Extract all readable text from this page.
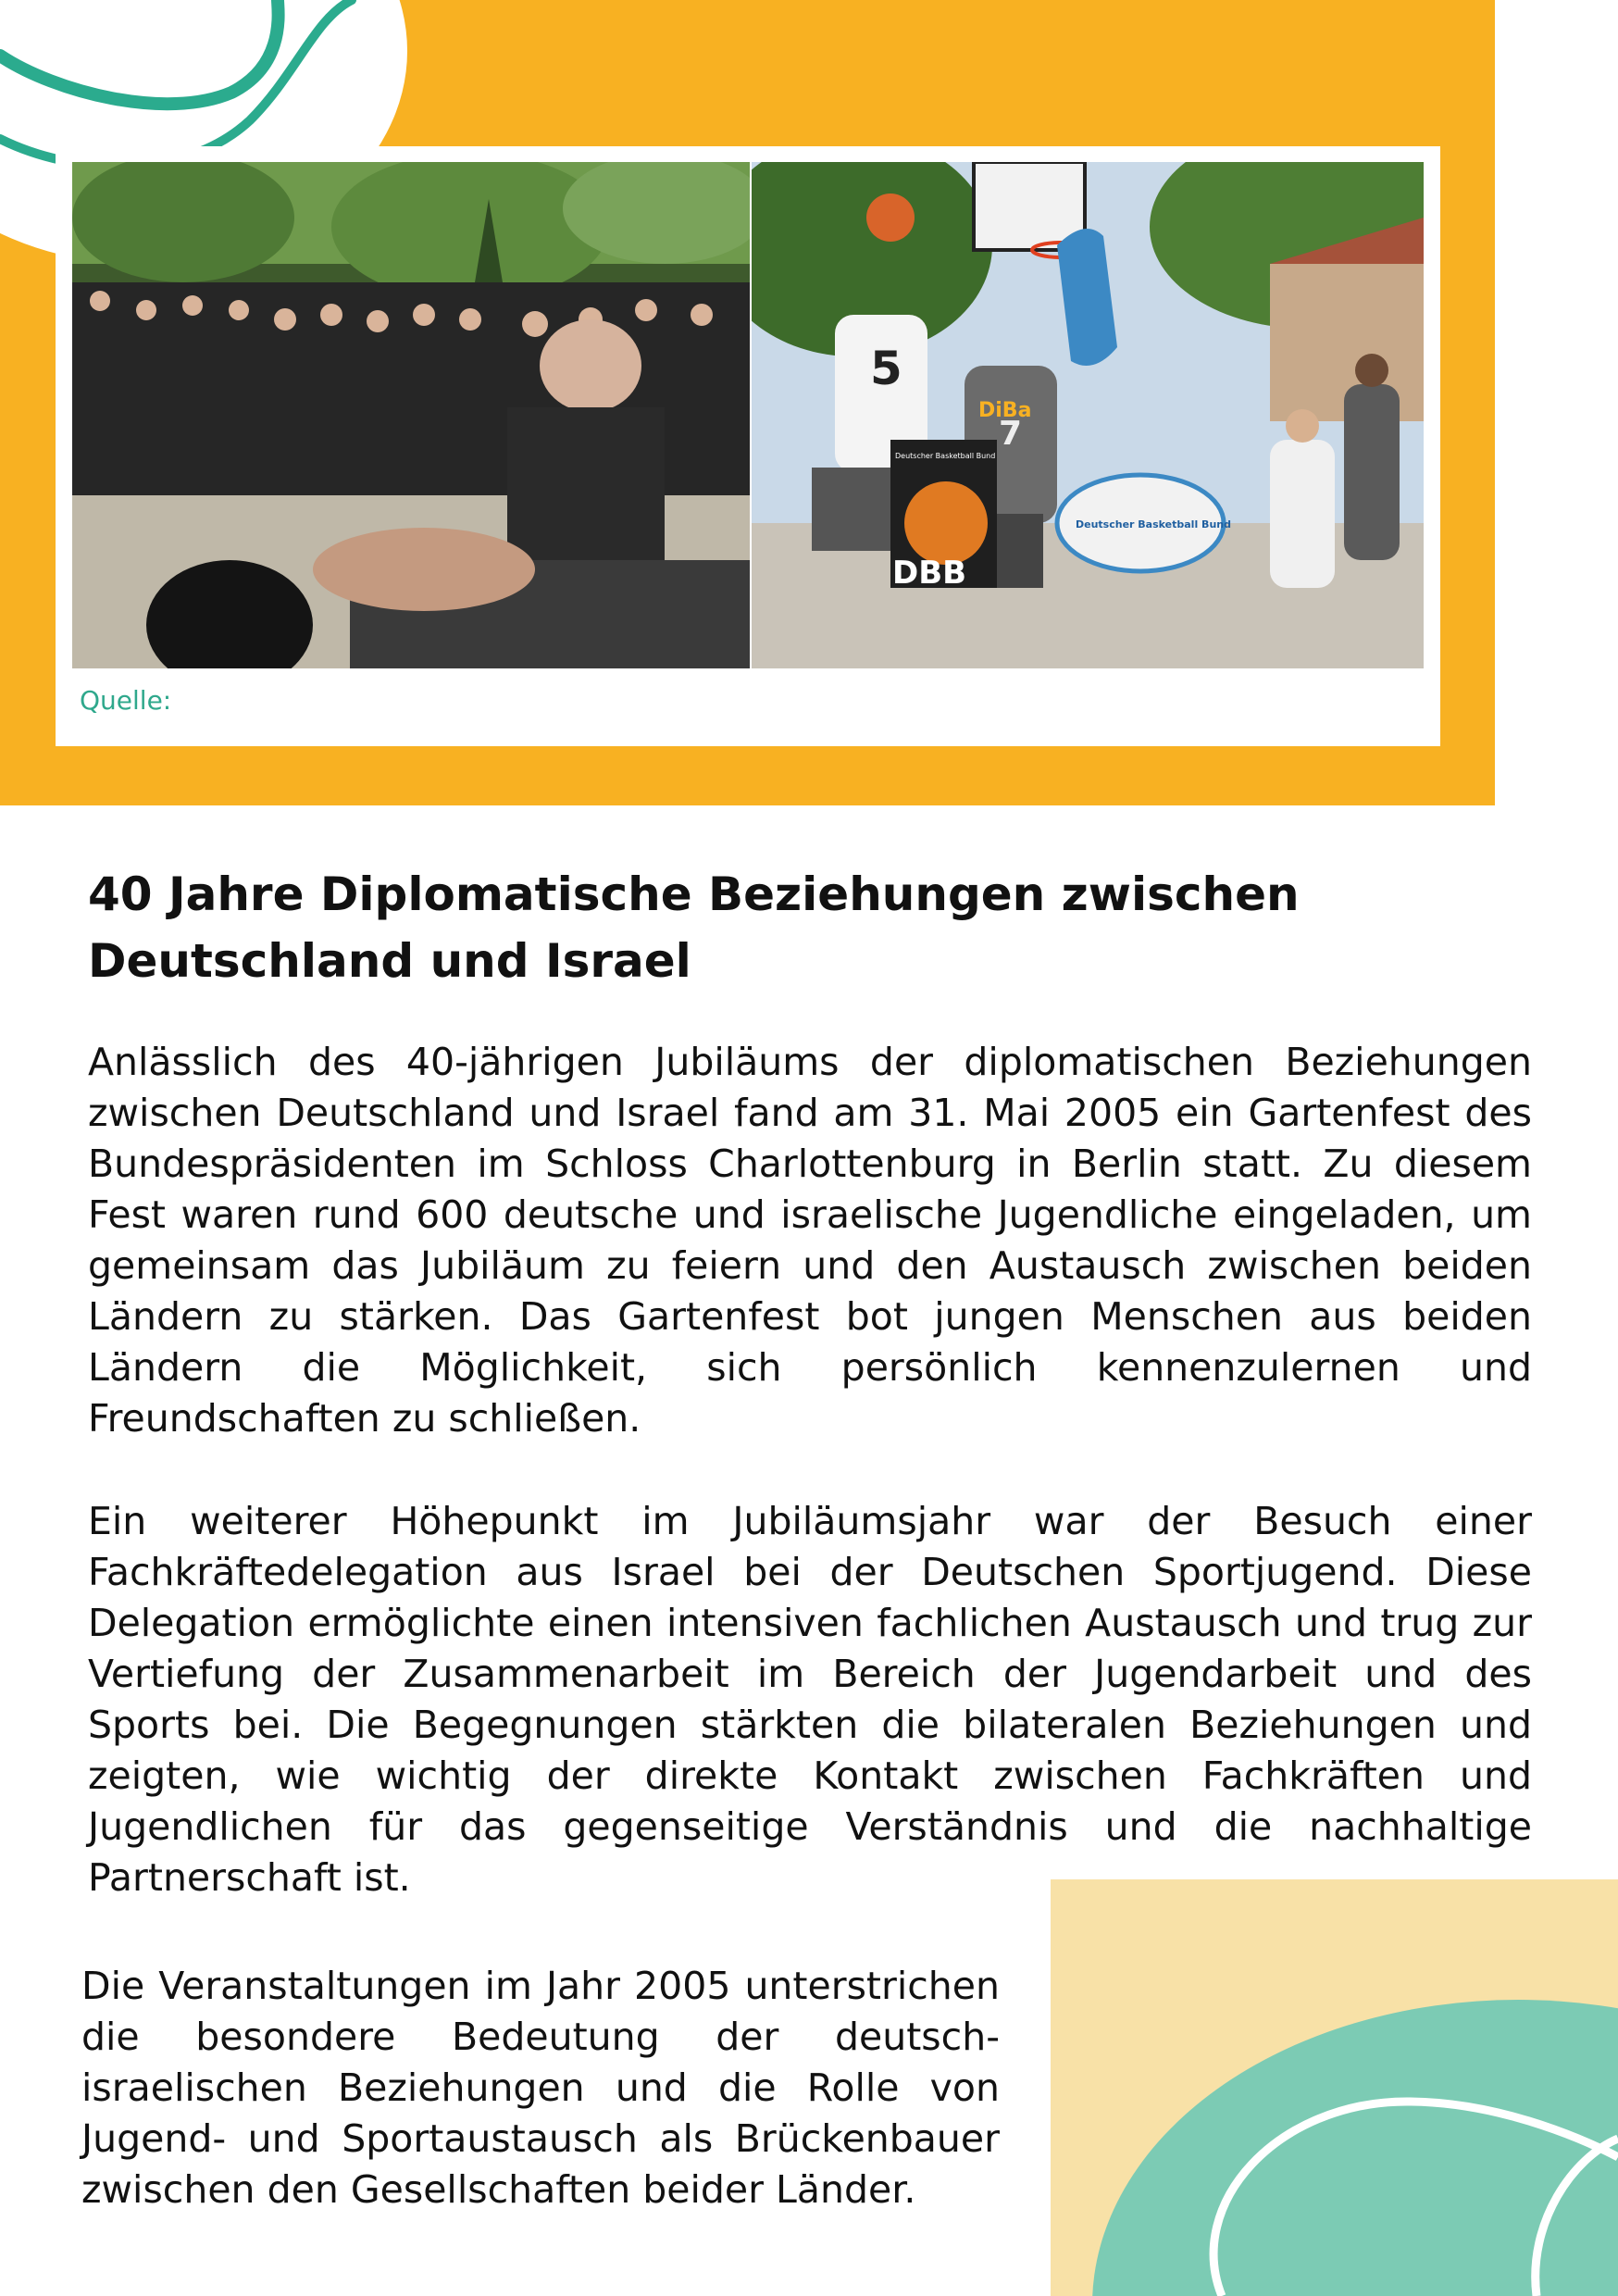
5
7
DiBa
DBB
Deutscher Basketball Bund
Deutscher Basketball Bund
Quelle:
40 Jahre Diplomatische Beziehungen zwischen Deutschland und Israel

Anlässlich des 40-jährigen Jubiläums der diplomatischen Beziehungen zwischen Deutschland und Israel fand am 31. Mai 2005 ein Gartenfest des Bundespräsidenten im Schloss Charlottenburg in Berlin statt. Zu diesem Fest waren rund 600 deutsche und israelische Jugendliche eingeladen, um gemeinsam das Jubiläum zu feiern und den Austausch zwischen beiden Ländern zu stärken. Das Gartenfest bot jungen Menschen aus beiden Ländern die Möglichkeit, sich persönlich kennenzulernen und Freundschaften zu schließen.

Ein weiterer Höhepunkt im Jubiläumsjahr war der Besuch einer Fachkräftedelegation aus Israel bei der Deutschen Sportjugend. Diese Delegation ermöglichte einen intensiven fachlichen Austausch und trug zur Vertiefung der Zusammenarbeit im Bereich der Jugendarbeit und des Sports bei. Die Begegnungen stärkten die bilateralen Beziehungen und zeigten, wie wichtig der direkte Kontakt zwischen Fachkräften und Jugendlichen für das gegenseitige Verständnis und die nachhaltige Partnerschaft ist.

Die Veranstaltungen im Jahr 2005 unterstrichen die besondere Bedeutung der deutsch-israelischen Beziehungen und die Rolle von Jugend- und Sportaustausch als Brückenbauer zwischen den Gesellschaften beider Länder.
